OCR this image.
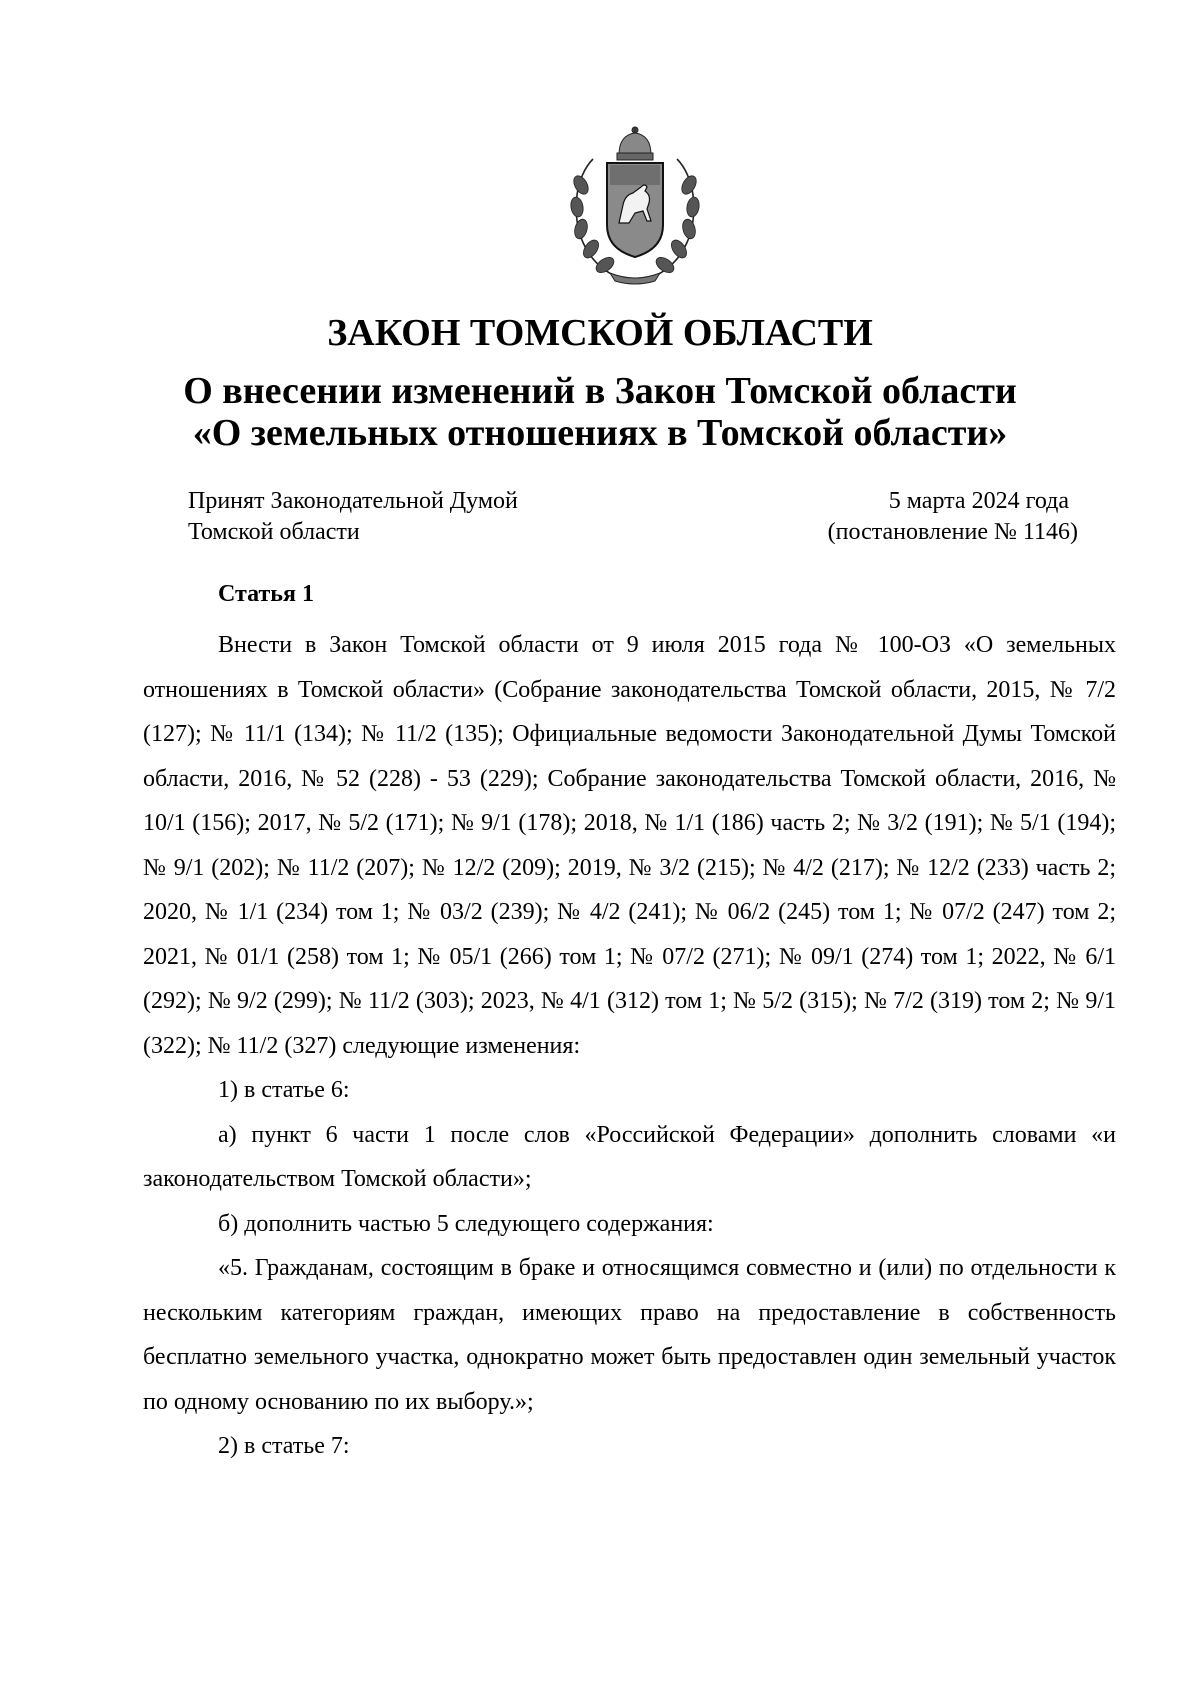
ЗАКОН ТОМСКОЙ ОБЛАСТИ
О внесении изменений в Закон Томской области
«О земельных отношениях в Томской области»
Принят Законодательной Думой
Томской области
5 марта 2024 года
(постановление № 1146)
Статья 1

Внести в Закон Томской области от 9 июля 2015 года № 100-ОЗ «О земельных отношениях в Томской области» (Собрание законодательства Томской области, 2015, № 7/2 (127); № 11/1 (134); № 11/2 (135); Официальные ведомости Законодательной Думы Томской области, 2016, № 52 (228) - 53 (229); Собрание законодательства Томской области, 2016, № 10/1 (156); 2017, № 5/2 (171); № 9/1 (178); 2018, № 1/1 (186) часть 2; № 3/2 (191); № 5/1 (194); № 9/1 (202); № 11/2 (207); № 12/2 (209); 2019, № 3/2 (215); № 4/2 (217); № 12/2 (233) часть 2; 2020, № 1/1 (234) том 1; № 03/2 (239); № 4/2 (241); № 06/2 (245) том 1; № 07/2 (247) том 2; 2021, № 01/1 (258) том 1; № 05/1 (266) том 1; № 07/2 (271); № 09/1 (274) том 1; 2022, № 6/1 (292); № 9/2 (299); № 11/2 (303); 2023, № 4/1 (312) том 1; № 5/2 (315); № 7/2 (319) том 2; № 9/1 (322); № 11/2 (327) следующие изменения:

1) в статье 6:

а) пункт 6 части 1 после слов «Российской Федерации» дополнить словами «и законодательством Томской области»;

б) дополнить частью 5 следующего содержания:

«5. Гражданам, состоящим в браке и относящимся совместно и (или) по отдельности к нескольким категориям граждан, имеющих право на предоставление в собственность бесплатно земельного участка, однократно может быть предоставлен один земельный участок по одному основанию по их выбору.»;

2) в статье 7:
